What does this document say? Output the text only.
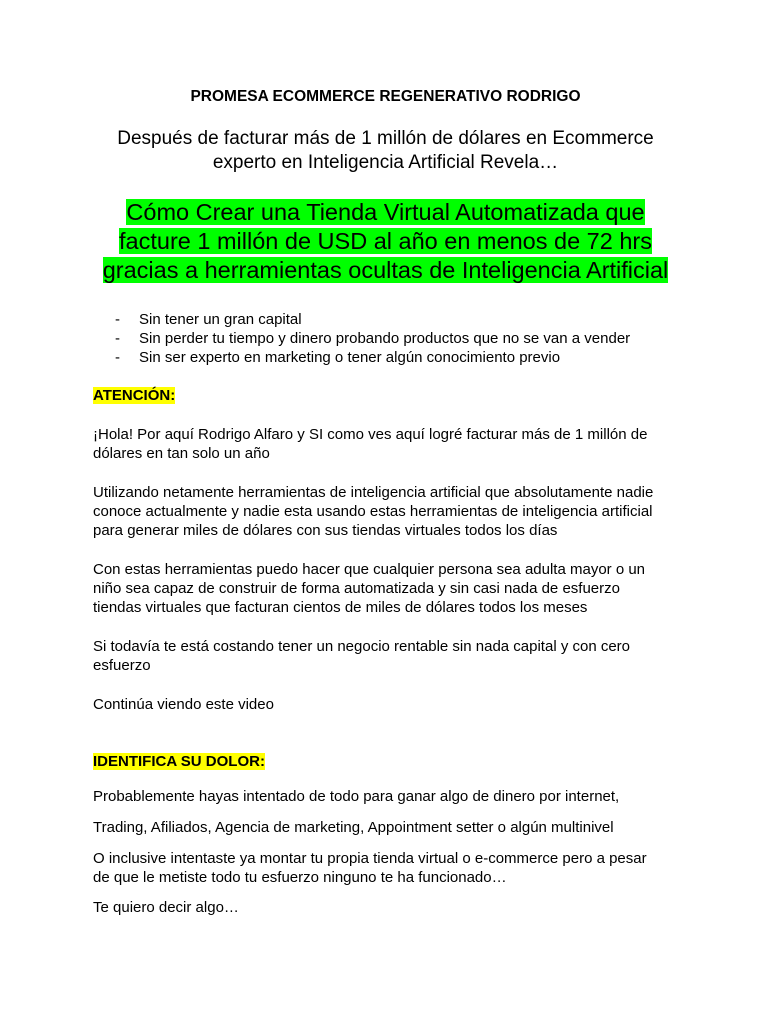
PROMESA ECOMMERCE REGENERATIVO RODRIGO

Después de facturar más de 1 millón de dólares en Ecommerce
experto en Inteligencia Artificial Revela…

Cómo Crear una Tienda Virtual Automatizada que
facture 1 millón de USD al año en menos de 72 hrs
gracias a herramientas ocultas de Inteligencia Artificial

-	Sin tener un gran capital
-	Sin perder tu tiempo y dinero probando productos que no se van a vender
-	Sin ser experto en marketing o tener algún conocimiento previo

ATENCIÓN:

¡Hola! Por aquí Rodrigo Alfaro y SI como ves aquí logré facturar más de 1 millón de
dólares en tan solo un año

Utilizando netamente herramientas de inteligencia artificial que absolutamente nadie
conoce actualmente y nadie esta usando estas herramientas de inteligencia artificial
para generar miles de dólares con sus tiendas virtuales todos los días

Con estas herramientas puedo hacer que cualquier persona sea adulta mayor o un
niño sea capaz de construir de forma automatizada y sin casi nada de esfuerzo
tiendas virtuales que facturan cientos de miles de dólares todos los meses

Si todavía te está costando tener un negocio rentable sin nada capital y con cero
esfuerzo

Continúa viendo este video

IDENTIFICA SU DOLOR:

Probablemente hayas intentado de todo para ganar algo de dinero por internet,

Trading, Afiliados, Agencia de marketing, Appointment setter o algún multinivel

O inclusive intentaste ya montar tu propia tienda virtual o e-commerce pero a pesar
de que le metiste todo tu esfuerzo ninguno te ha funcionado…

Te quiero decir algo…
